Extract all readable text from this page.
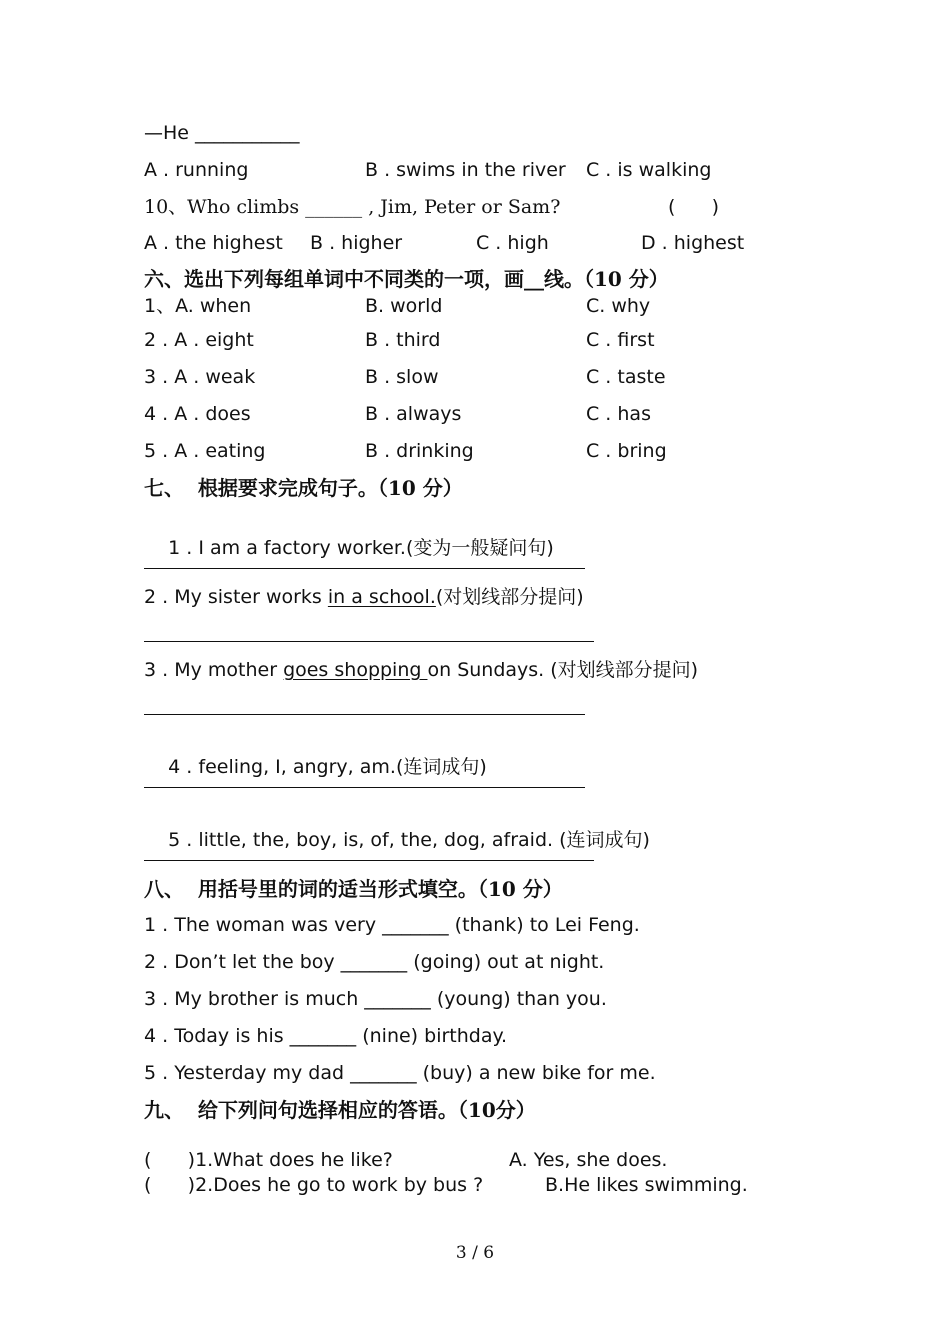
—He ___________
A . running	B . swims in the river C . is walking
10、Who climbs ______ , Jim, Peter or Sam?	(      )
A . the highest B . higher	C . high	D . highest
六、选出下列每组单词中不同类的一项，画__线。（10 分）
1、A. when	B. world	C. why
2 . A . eight	B . third	C . first
3 . A . weak	B . slow	C . taste
4 . A . does	B . always	C . has
5 . A . eating	B . drinking	C . bring
七、  根据要求完成句子。（10 分）

1 . I am a factory worker.(变为一般疑问句)

2 . My sister works in a school.(对划线部分提问)
3 . My mother goes shopping on Sundays. (对划线部分提问)

4 . feeling, I, angry, am.(连词成句)

5 . little, the, boy, is, of, the, dog, afraid. (连词成句)

八、  用括号里的词的适当形式填空。（10 分）
1 . The woman was very _______ (thank) to Lei Feng.
2 . Don’t let the boy _______ (going) out at night.
3 . My brother is much _______ (young) than you.
4 . Today is his _______ (nine) birthday.
5 . Yesterday my dad _______ (buy) a new bike for me.
九、  给下列问句选择相应的答语。（10分）
(      )1.What does he like?	A. Yes, she does.
(      )2.Does he go to work by bus ?	B.He likes swimming.
3 / 6
